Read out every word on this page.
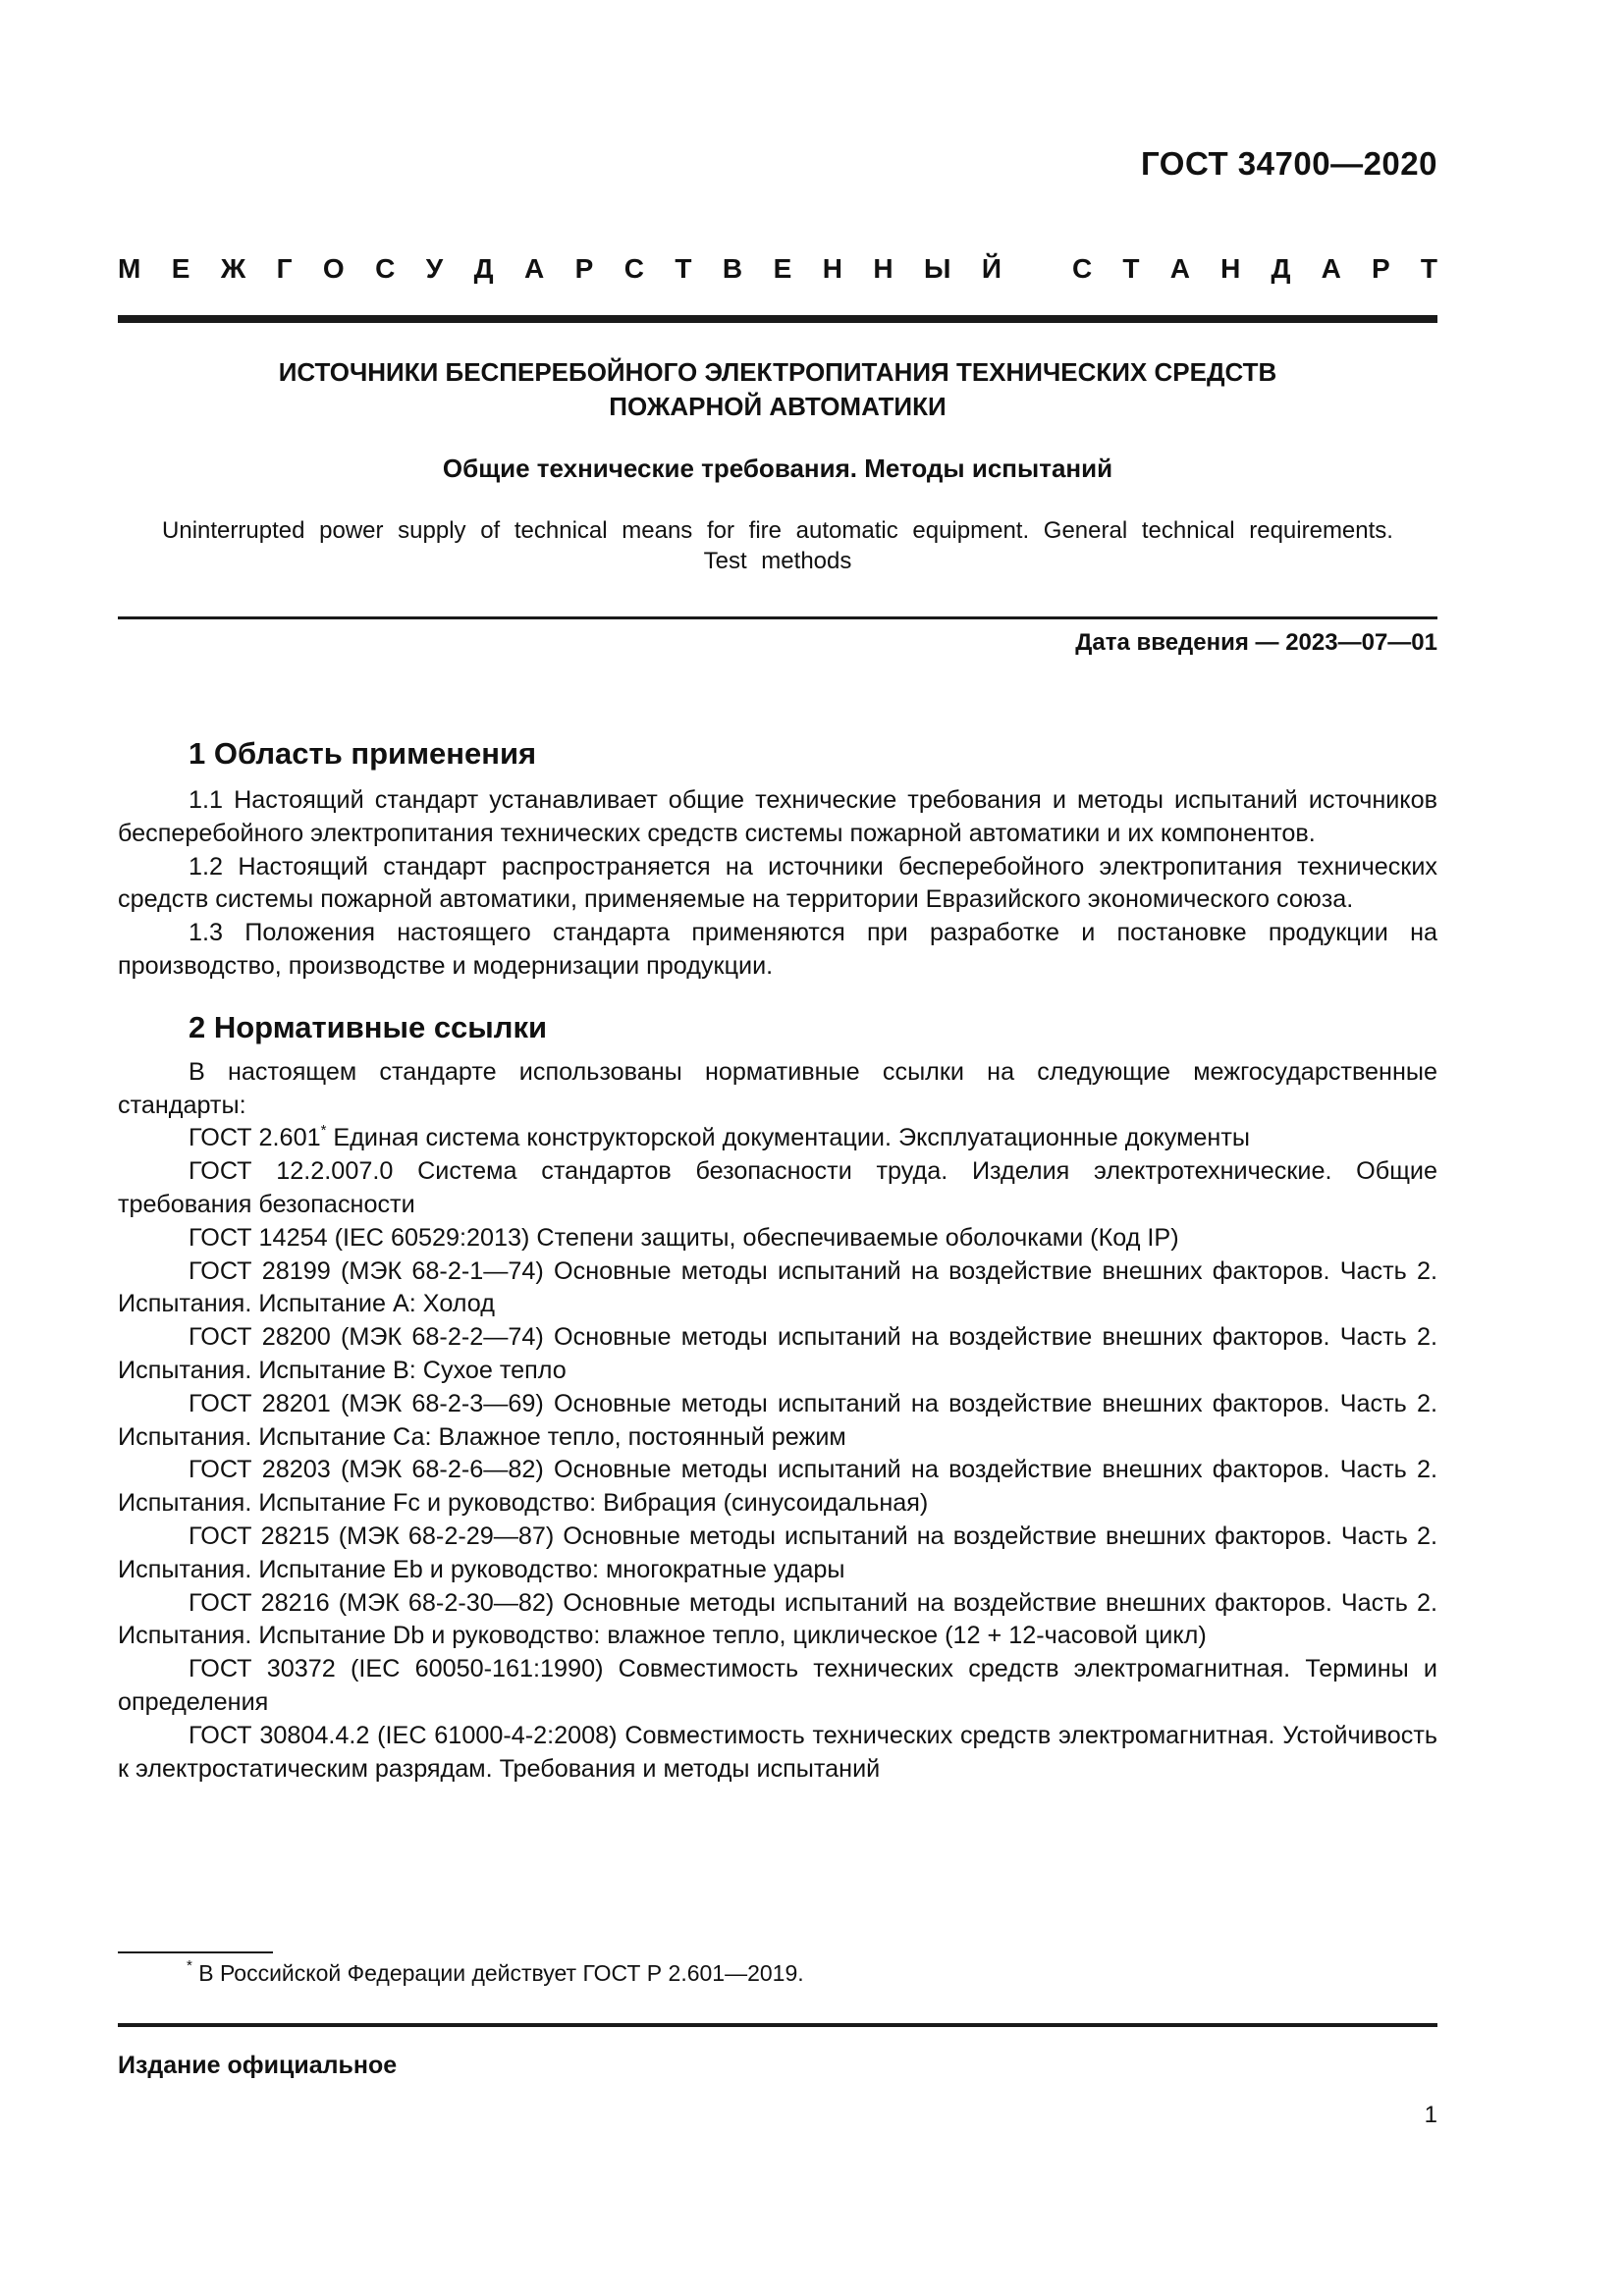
ГОСТ 34700—2020
М Е Ж Г О С У Д А Р С Т В Е Н Н Ы Й	С Т А Н Д А Р Т
ИСТОЧНИКИ БЕСПЕРЕБОЙНОГО ЭЛЕКТРОПИТАНИЯ ТЕХНИЧЕСКИХ СРЕДСТВ
ПОЖАРНОЙ АВТОМАТИКИ
Общие технические требования. Методы испытаний
Uninterrupted power supply of technical means for fire automatic equipment. General technical requirements.
Test methods
Дата введения — 2023—07—01
1 Область применения

1.1 Настоящий стандарт устанавливает общие технические требования и методы испытаний источников бесперебойного электропитания технических средств системы пожарной автоматики и их компонентов.

1.2 Настоящий стандарт распространяется на источники бесперебойного электропитания технических средств системы пожарной автоматики, применяемые на территории Евразийского экономического союза.

1.3 Положения настоящего стандарта применяются при разработке и постановке продукции на производство, производстве и модернизации продукции.

2 Нормативные ссылки

В настоящем стандарте использованы нормативные ссылки на следующие межгосударственные стандарты:

ГОСТ 2.601* Единая система конструкторской документации. Эксплуатационные документы

ГОСТ 12.2.007.0 Система стандартов безопасности труда. Изделия электротехнические. Общие требования безопасности

ГОСТ 14254 (IEC 60529:2013) Степени защиты, обеспечиваемые оболочками (Код IP)

ГОСТ 28199 (МЭК 68-2-1—74) Основные методы испытаний на воздействие внешних факторов. Часть 2. Испытания. Испытание А: Холод

ГОСТ 28200 (МЭК 68-2-2—74) Основные методы испытаний на воздействие внешних факторов. Часть 2. Испытания. Испытание В: Сухое тепло

ГОСТ 28201 (МЭК 68-2-3—69) Основные методы испытаний на воздействие внешних факторов. Часть 2. Испытания. Испытание Са: Влажное тепло, постоянный режим

ГОСТ 28203 (МЭК 68-2-6—82) Основные методы испытаний на воздействие внешних факторов. Часть 2. Испытания. Испытание Fc и руководство: Вибрация (синусоидальная)

ГОСТ 28215 (МЭК 68-2-29—87) Основные методы испытаний на воздействие внешних факторов. Часть 2. Испытания. Испытание Eb и руководство: многократные удары

ГОСТ 28216 (МЭК 68-2-30—82) Основные методы испытаний на воздействие внешних факторов. Часть 2. Испытания. Испытание Db и руководство: влажное тепло, циклическое (12 + 12-часовой цикл)

ГОСТ 30372 (IEC 60050-161:1990) Совместимость технических средств электромагнитная. Термины и определения

ГОСТ 30804.4.2 (IEC 61000-4-2:2008) Совместимость технических средств электромагнитная. Устойчивость к электростатическим разрядам. Требования и методы испытаний

* В Российской Федерации действует ГОСТ Р 2.601—2019.
Издание официальное
1
